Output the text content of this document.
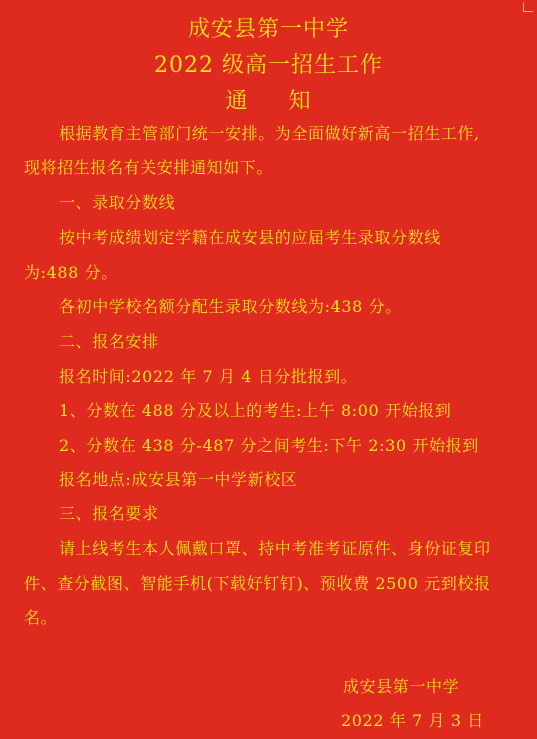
成安县第一中学
2022 级高一招生工作
通     知
根据教育主管部门统一安排。为全面做好新高一招生工作,
现将招生报名有关安排通知如下。
一、录取分数线
按中考成绩划定学籍在成安县的应届考生录取分数线
为:488 分。
各初中学校名额分配生录取分数线为:438 分。
二、报名安排
报名时间:2022 年 7 月 4 日分批报到。
1、分数在 488 分及以上的考生:上午 8:00 开始报到
2、分数在 438 分-487 分之间考生:下午 2:30 开始报到
报名地点:成安县第一中学新校区
三、报名要求
请上线考生本人佩戴口罩、持中考准考证原件、身份证复印
件、查分截图、智能手机(下载好钉钉)、预收费 2500 元到校报
名。
成安县第一中学
2022 年 7 月 3 日
